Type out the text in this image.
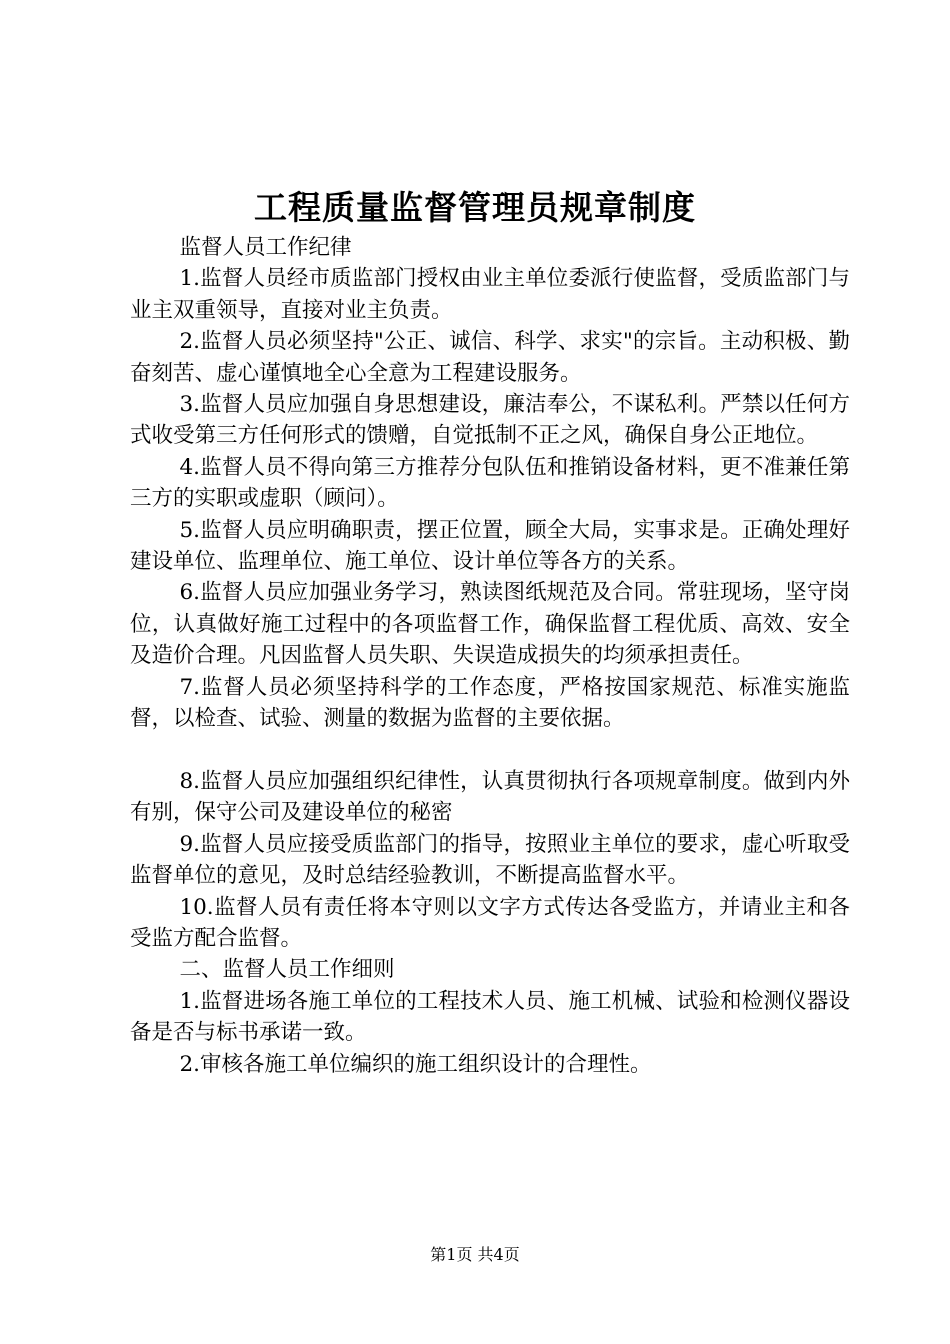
工程质量监督管理员规章制度

监督人员工作纪律

1.监督人员经市质监部门授权由业主单位委派行使监督，受质监部门与业主双重领导，直接对业主负责。

2.监督人员必须坚持"公正、诚信、科学、求实"的宗旨。主动积极、勤奋刻苦、虚心谨慎地全心全意为工程建设服务。

3.监督人员应加强自身思想建设，廉洁奉公，不谋私利。严禁以任何方式收受第三方任何形式的馈赠，自觉抵制不正之风，确保自身公正地位。

4.监督人员不得向第三方推荐分包队伍和推销设备材料，更不准兼任第三方的实职或虚职（顾问）。

5.监督人员应明确职责，摆正位置，顾全大局，实事求是。正确处理好建设单位、监理单位、施工单位、设计单位等各方的关系。

6.监督人员应加强业务学习，熟读图纸规范及合同。常驻现场，坚守岗位，认真做好施工过程中的各项监督工作，确保监督工程优质、高效、安全及造价合理。凡因监督人员失职、失误造成损失的均须承担责任。

7.监督人员必须坚持科学的工作态度，严格按国家规范、标准实施监督，以检查、试验、测量的数据为监督的主要依据。

8.监督人员应加强组织纪律性，认真贯彻执行各项规章制度。做到内外有别，保守公司及建设单位的秘密

9.监督人员应接受质监部门的指导，按照业主单位的要求，虚心听取受监督单位的意见，及时总结经验教训，不断提高监督水平。

10.监督人员有责任将本守则以文字方式传达各受监方，并请业主和各受监方配合监督。

二、监督人员工作细则

1.监督进场各施工单位的工程技术人员、施工机械、试验和检测仪器设备是否与标书承诺一致。

2.审核各施工单位编织的施工组织设计的合理性。

第1页 共4页
